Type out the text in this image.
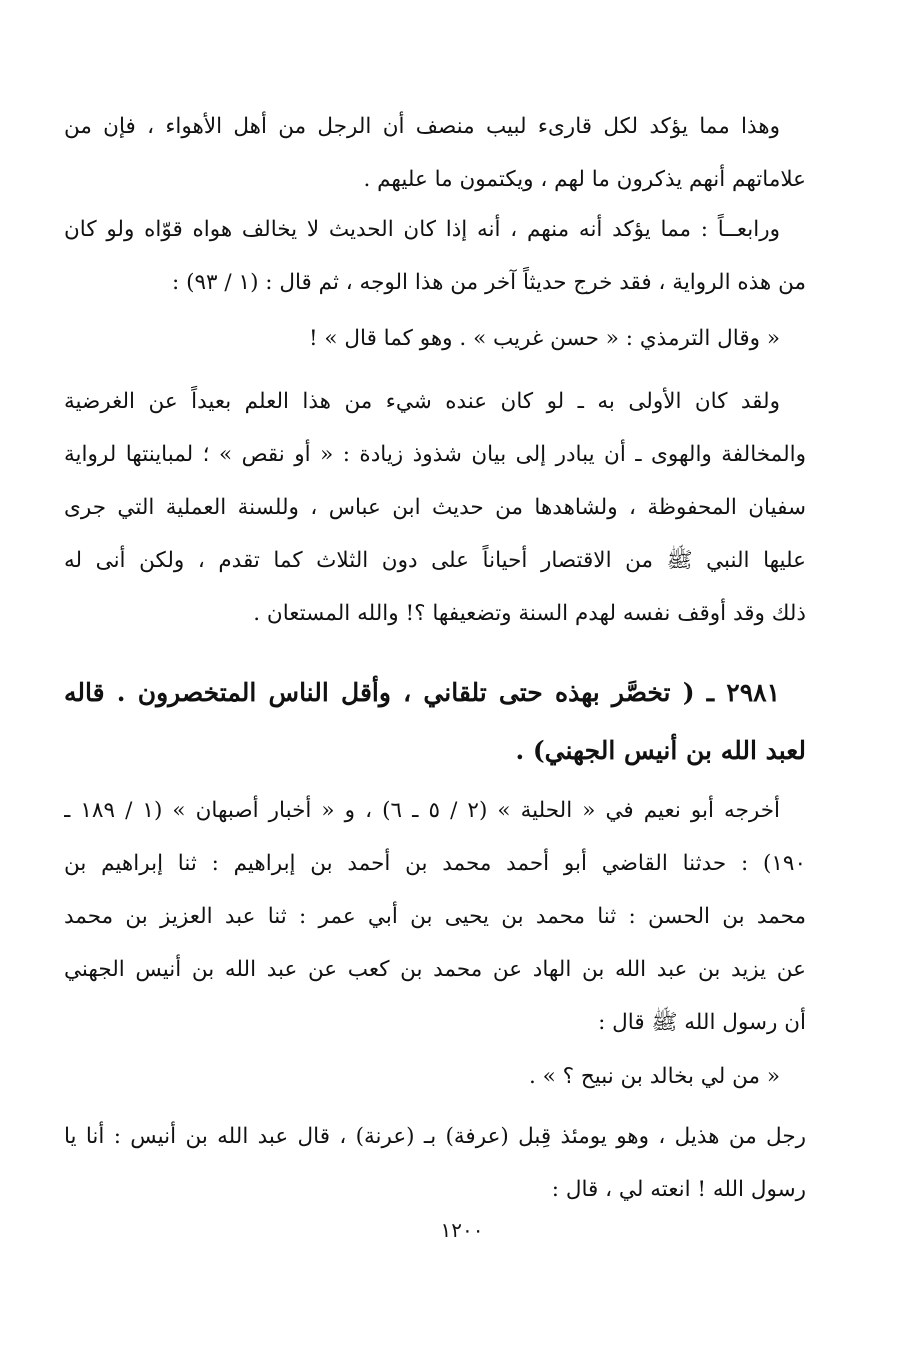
وهذا مما يؤكد لكل قارىء لبيب منصف أن الرجل من أهل الأهواء ، فإن من
علاماتهم أنهم يذكرون ما لهم ، ويكتمون ما عليهم .
ورابعــاً : مما يؤكد أنه منهم ، أنه إذا كان الحديث لا يخالف هواه قوّاه ولو كان
من هذه الرواية ، فقد خرج حديثاً آخر من هذا الوجه ، ثم قال : (١ / ٩٣) :
« وقال الترمذي : « حسن غريب » . وهو كما قال » !
ولقد كان الأولى به ـ لو كان عنده شيء من هذا العلم بعيداً عن الغرضية
والمخالفة والهوى ـ أن يبادر إلى بيان شذوذ زيادة : « أو نقص » ؛ لمباينتها لرواية
سفيان المحفوظة ، ولشاهدها من حديث ابن عباس ، وللسنة العملية التي جرى
عليها النبي ﷺ من الاقتصار أحياناً على دون الثلاث كما تقدم ، ولكن أنى له
ذلك وقد أوقف نفسه لهدم السنة وتضعيفها ؟! والله المستعان .
٢٩٨١ ـ ( تخصَّر بهذه حتى تلقاني ، وأقل الناس المتخصرون . قاله
لعبد الله بن أنيس الجهني) .
أخرجه أبو نعيم في « الحلية » (٢ / ٥ ـ ٦) ، و « أخبار أصبهان » (١ / ١٨٩ ـ
١٩٠) : حدثنا القاضي أبو أحمد محمد بن أحمد بن إبراهيم : ثنا إبراهيم بن
محمد بن الحسن : ثنا محمد بن يحيى بن أبي عمر : ثنا عبد العزيز بن محمد
عن يزيد بن عبد الله بن الهاد عن محمد بن كعب عن عبد الله بن أنيس الجهني
أن رسول الله ﷺ قال :
« من لي بخالد بن نبيح ؟ » .
رجل من هذيل ، وهو يومئذ قِبل (عرفة) بـ (عرنة) ، قال عبد الله بن أنيس : أنا يا
رسول الله ! انعته لي ، قال :
١٢٠٠
